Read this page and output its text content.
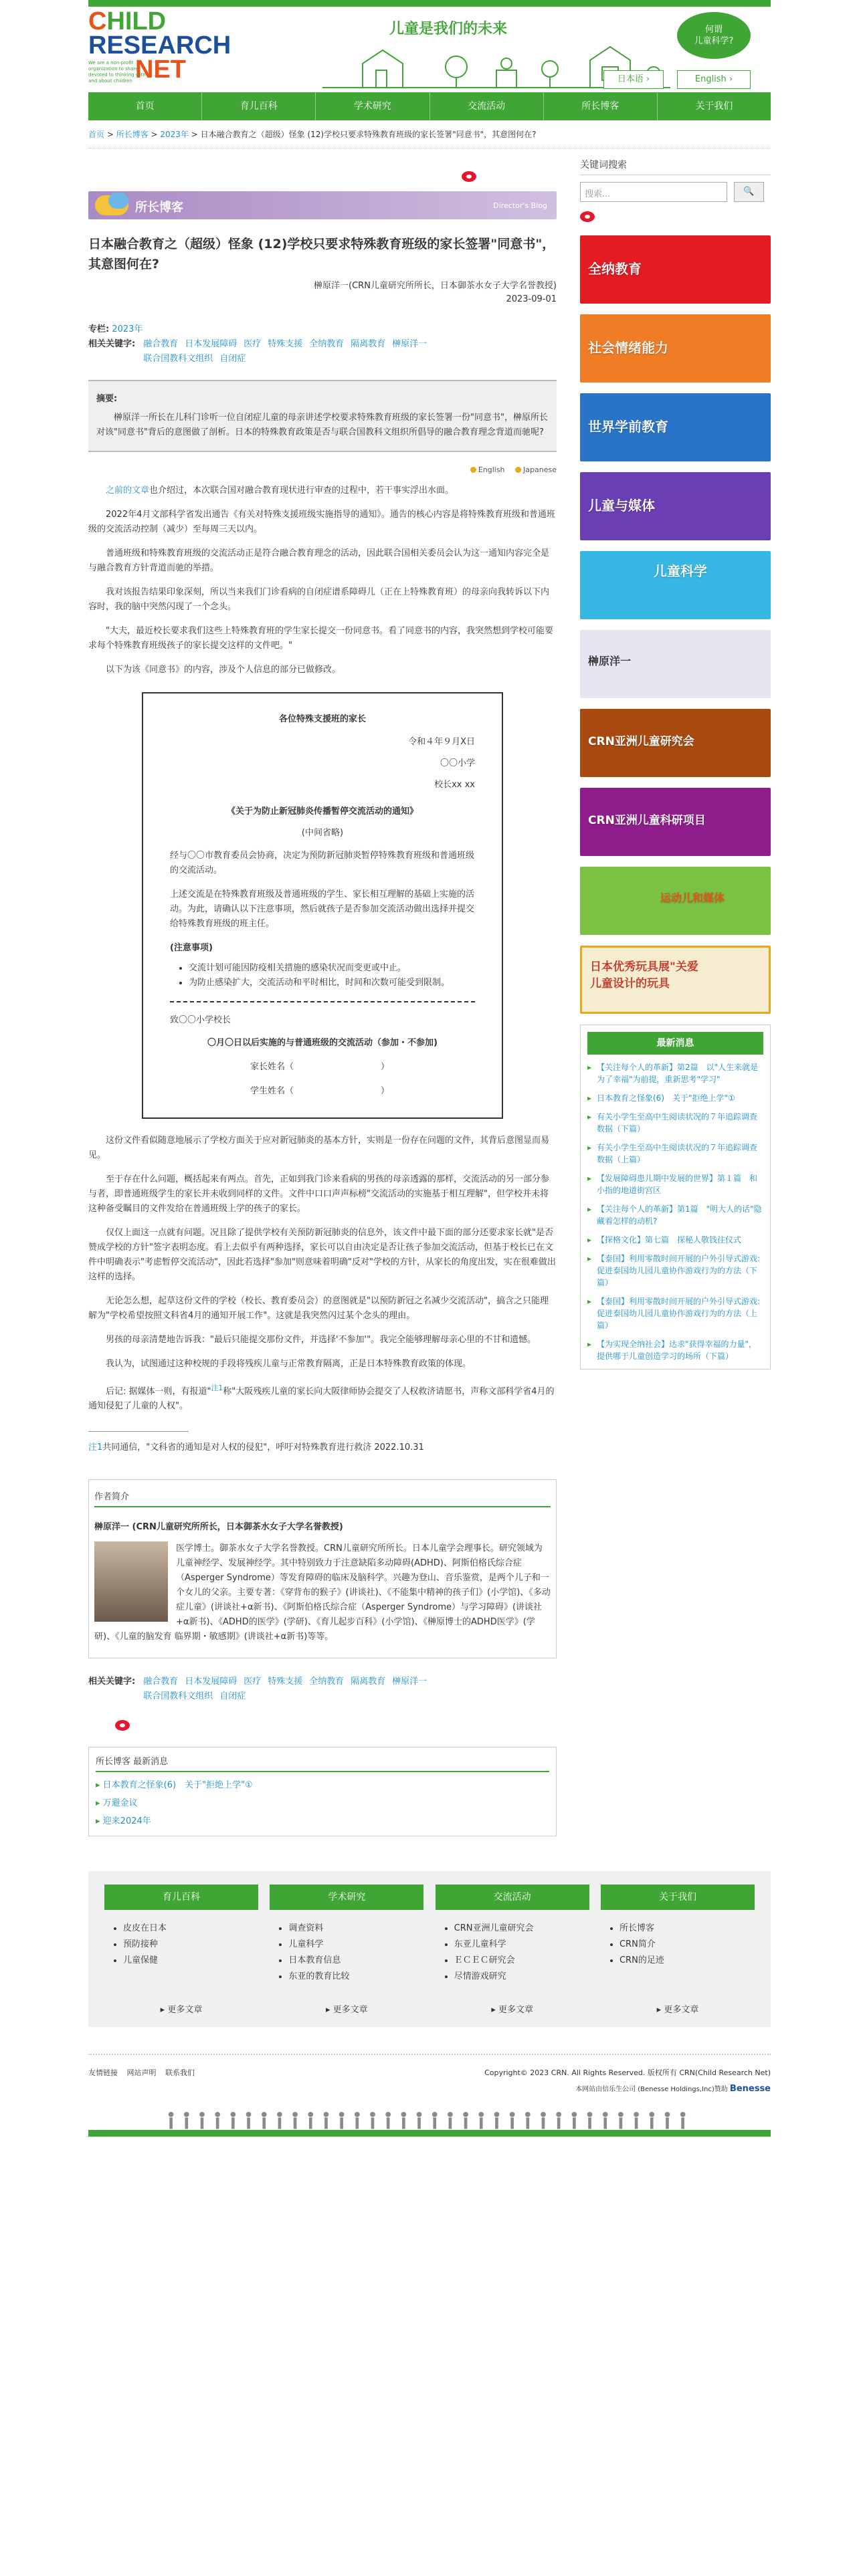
CHILD
RESEARCH
NET
We are a non-profit organization to share devoted to thinking with and about children
儿童是我们的未来	何谓
儿童科学?
日本语 ›	English ›
首页	育儿百科	学术研究	交流活动	所长博客	关于我们
首页 > 所长博客 > 2023年 > 日本融合教育之（超级）怪象 (12)学校只要求特殊教育班级的家长签署"同意书"，其意图何在?
所长博客	Director's Blog
日本融合教育之（超级）怪象 (12)学校只要求特殊教育班级的家长签署"同意书"，其意图何在?
榊原洋一(CRN儿童研究所所长，日本御茶水女子大学名誉教授)
2023-09-01
专栏: 2023年
相关关键字: 融合教育 日本发展障碍 医疗 特殊支援 全纳教育 隔离教育 榊原洋一
联合国教科文组织 自闭症
摘要:

榊原洋一所长在儿科门诊听一位自闭症儿童的母亲讲述学校要求特殊教育班级的家长签署一份"同意书"，榊原所长对该"同意书"背后的意图做了剖析。日本的特殊教育政策是否与联合国教科文组织所倡导的融合教育理念背道而驰呢?

English	Japanese

之前的文章也介绍过，本次联合国对融合教育现状进行审查的过程中，若干事实浮出水面。

2022年4月文部科学省发出通告《有关对特殊支援班级实施指导的通知》。通告的核心内容是将特殊教育班级和普通班级的交流活动控制（减少）至每周三天以内。

普通班级和特殊教育班级的交流活动正是符合融合教育理念的活动，因此联合国相关委员会认为这一通知内容完全是与融合教育方针背道而驰的举措。

我对该报告结果印象深刻，所以当来我们门诊看病的自闭症谱系障碍儿（正在上特殊教育班）的母亲向我转诉以下内容时，我的脑中突然闪现了一个念头。

"大夫，最近校长要求我们这些上特殊教育班的学生家长提交一份同意书。看了同意书的内容，我突然想到学校可能要求每个特殊教育班级孩子的家长提交这样的文件吧。"

以下为该《同意书》的内容，涉及个人信息的部分已做修改。

各位特殊支援班的家长
令和４年９月X日
〇〇小学
校长xx xx
《关于为防止新冠肺炎传播暂停交流活动的通知》
(中间省略)
经与〇〇市教育委员会协商，决定为预防新冠肺炎暂停特殊教育班级和普通班级的交流活动。
上述交流是在特殊教育班级及普通班级的学生、家长相互理解的基础上实施的活动。为此，请确认以下注意事项，然后就孩子是否参加交流活动做出选择并提交给特殊教育班级的班主任。
(注意事项)
• 交流计划可能因防疫相关措施的感染状况而变更或中止。
• 为防止感染扩大，交流活动和平时相比，时间和次数可能受到限制。
致〇〇小学校长
〇月〇日以后实施的与普通班级的交流活动（参加・不参加)
家长姓名（　　　　　　　　　　）
学生姓名（　　　　　　　　　　）

这份文件看似随意地展示了学校方面关于应对新冠肺炎的基本方针，实则是一份存在问题的文件，其背后意图显而易见。

至于存在什么问题，概括起来有两点。首先，正如到我门诊来看病的男孩的母亲透露的那样，交流活动的另一部分参与者，即普通班级学生的家长并未收到同样的文件。文件中口口声声标榜"交流活动的实施基于相互理解"，但学校并未将这种备受瞩目的文件发给在普通班级上学的孩子的家长。

仅仅上面这一点就有问题。况且除了提供学校有关预防新冠肺炎的信息外，该文件中最下面的部分还要求家长就"是否赞成学校的方针"签字表明态度。看上去似乎有两种选择，家长可以自由决定是否让孩子参加交流活动，但基于校长已在文件中明确表示"考虑暂停交流活动"，因此若选择"参加"则意味着明确"反对"学校的方针，从家长的角度出发，实在很难做出这样的选择。

无论怎么想，起草这份文件的学校（校长、教育委员会）的意图就是"以预防新冠之名减少交流活动"，搞含之只能理解为"学校希望按照文科省4月的通知开展工作"。这就是我突然闪过某个念头的理由。

男孩的母亲清楚地告诉我："最后只能提交那份文件，并选择'不参加'"。我完全能够理解母亲心里的不甘和遗憾。

我认为，试图通过这种校规的手段将残疾儿童与正常教育隔离，正是日本特殊教育政策的体现。

后记: 据媒体一则，有报道"$^{注1}$称"大阪残疾儿童的家长向大阪律师协会提交了人权救济请愿书，声称文部科学省4月的通知侵犯了儿童的人权"。

注1共同通信，"文科省的通知是对人权的侵犯"，呼吁对特殊教育进行救济 2022.10.31
作者简介
榊原洋一 (CRN儿童研究所所长，日本御茶水女子大学名誉教授)

医学博士。御茶水女子大学名誉教授。CRN儿童研究所所长。日本儿童学会理事长。研究领域为儿童神经学、发展神经学。其中特别致力于注意缺陷多动障碍(ADHD)、阿斯伯格氏综合症（Asperger Syndrome）等发育障碍的临床及脑科学。兴趣为登山、音乐鉴赏，是两个儿子和一个女儿的父亲。主要专著：《穿背布的猴子》(讲谈社)、《不能集中精神的孩子们》(小学馆)、《多动症儿童》(讲谈社+α新书)、《阿斯伯格氏综合症（Asperger Syndrome）与学习障碍》(讲谈社+α新书)、《ADHD的医学》(学研)、《育儿起步百科》(小学馆)、《榊原博士的ADHD医学》(学研)、《儿童的脑发育 临界期・敏感期》(讲谈社+α新书)等等。

相关关键字: 融合教育 日本发展障碍 医疗 特殊支援 全纳教育 隔离教育 榊原洋一
联合国教科文组织 自闭症
所长博客 最新消息
▸ 日本教育之怪象(6)　关于"拒绝上学"①
▸ 万避金议
▸ 迎来2024年
关键词搜索
搜索...	🔍
全纳教育
社会情绪能力
世界学前教育
儿童与媒体
儿童科学
榊原洋一
CRN亚洲儿童研究会
CRN亚洲儿童科研项目
运动儿和媒体
日本优秀玩具展"关爱儿童设计的玩具
最新消息
▸ 【关注每个人的革新】第2篇　以"人生来就是为了幸福"为前提，重新思考"学习"
▸ 日本教育之怪象(6)　关于"拒绝上学"①
▸ 有关小学生至高中生阅读状况的７年追踪调查数据（下篇）
▸ 有关小学生至高中生阅读状况的７年追踪调查数据（上篇）
▸ 【发展障碍患儿期中发展的世界】第１篇　和小指的地道街宫区
▸ 【关注每个人的革新】第1篇　"明大人的话"隐藏着怎样的动机?
▸ 【探格文化】第七篇　探秘人敬钱往仪式
▸ 【泰国】利用零散时间开展的户外引导式游戏: 促进泰国幼儿园儿童协作游戏行为的方法（下篇）
▸ 【泰国】利用零散时间开展的户外引导式游戏: 促进泰国幼儿园儿童协作游戏行为的方法（上篇）
▸ 【为实现全纳社会】达求"获得幸福的力量"，提供哪于儿童创造学习的场所（下篇）
育儿百科
• 皮皮在日本
• 预防接种
• 儿童保健
▸ 更多文章
学术研究
• 调查资料
• 儿童科学
• 日本教育信息
• 东亚的教育比较
▸ 更多文章
交流活动
• CRN亚洲儿童研究会
• 东亚儿童科学
• ＥＣＥＣ研究会
• 尽情游戏研究
▸ 更多文章
关于我们
• 所长博客
• CRN简介
• CRN的足迹
▸ 更多文章
友情链接 网站声明 联系我们	Copyright© 2023 CRN. All Rights Reserved. 版权所有 CRN(Child Research Net)
本网站由倍乐生公司 (Benesse Holdings,Inc)赞助 Benesse
